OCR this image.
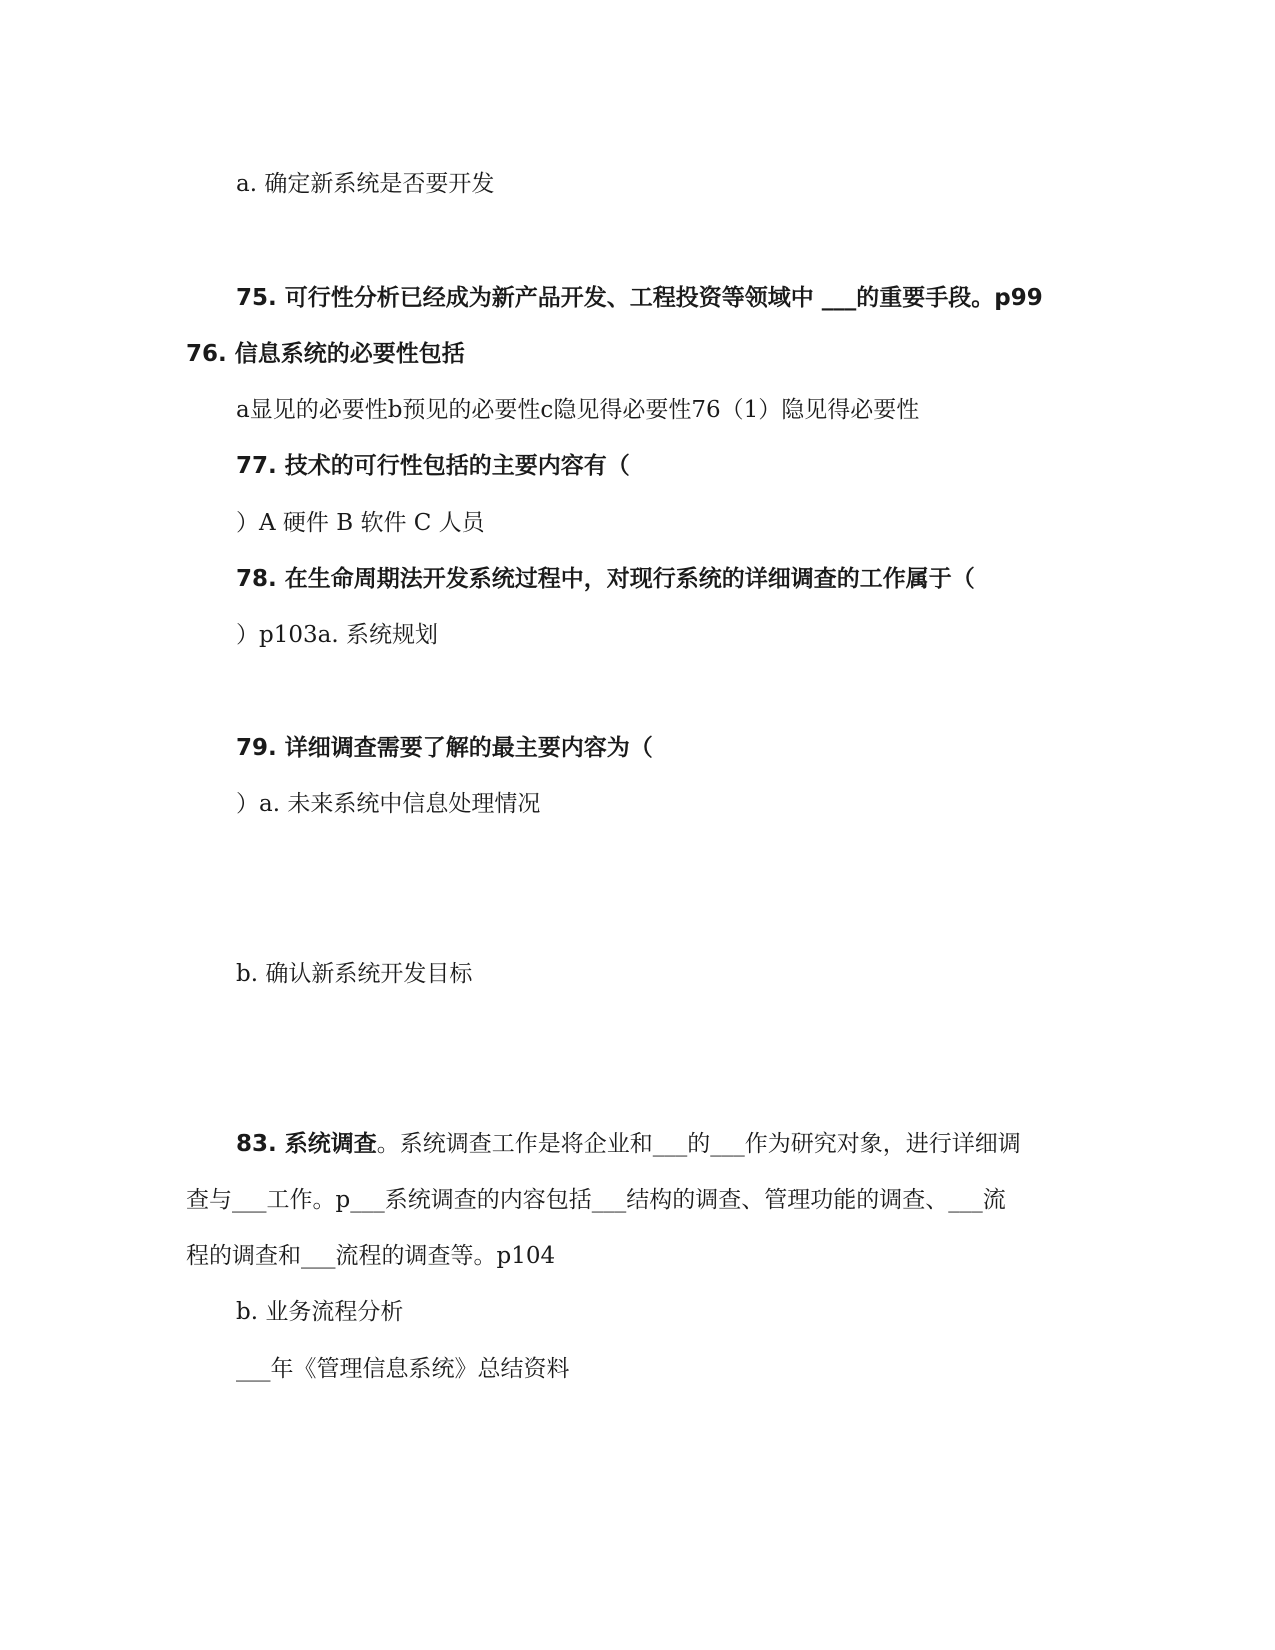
a. 确定新系统是否要开发
75. 可行性分析已经成为新产品开发、工程投资等领域中 ___的重要手段。p99
76. 信息系统的必要性包括
a显见的必要性b预见的必要性c隐见得必要性76（1）隐见得必要性
77. 技术的可行性包括的主要内容有（
）A 硬件 B 软件 C 人员
78. 在生命周期法开发系统过程中，对现行系统的详细调查的工作属于（
）p103a. 系统规划
79. 详细调查需要了解的最主要内容为（
）a. 未来系统中信息处理情况
b. 确认新系统开发目标
83. 系统调查。系统调查工作是将企业和___的___作为研究对象，进行详细调
查与___工作。p___系统调查的内容包括___结构的调查、管理功能的调查、___流
程的调查和___流程的调查等。p104
b. 业务流程分析
___年《管理信息系统》总结资料
